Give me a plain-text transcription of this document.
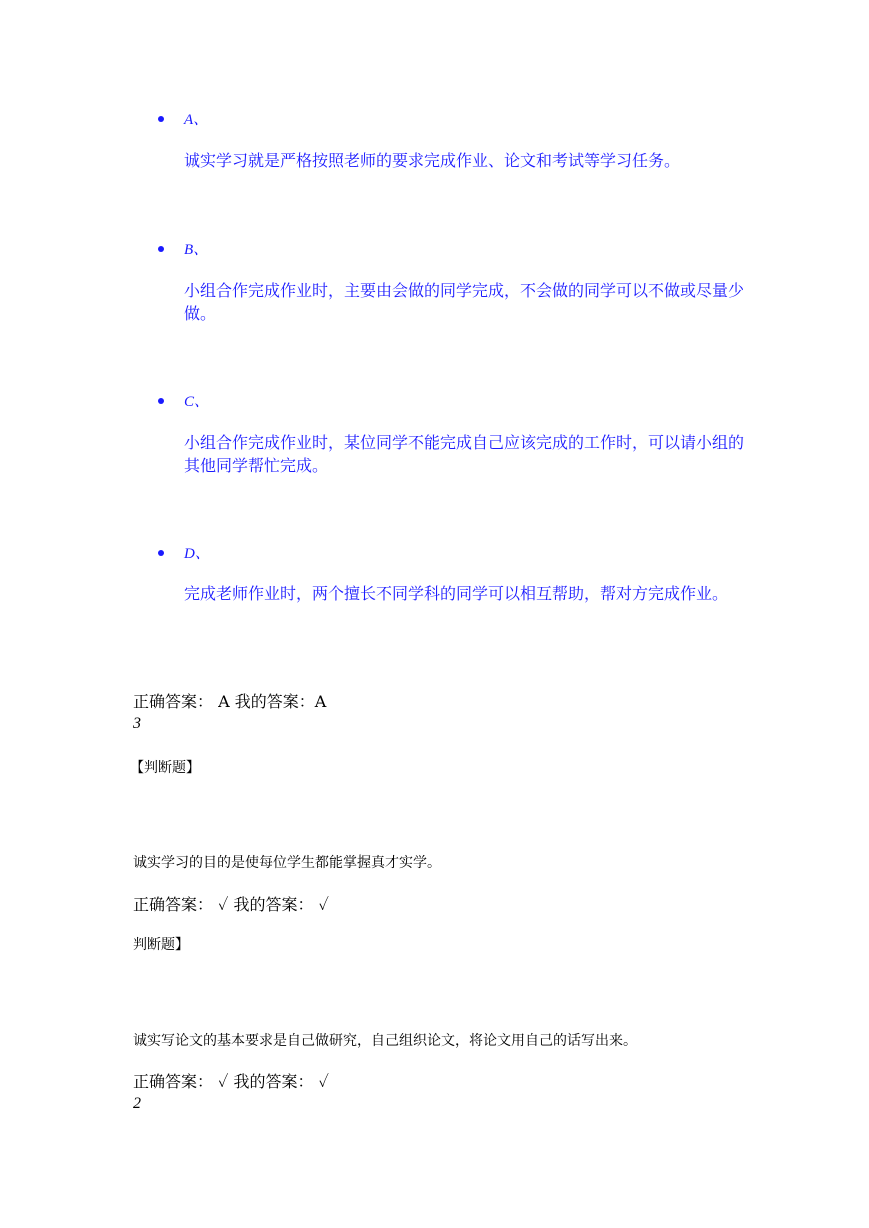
A、
诚实学习就是严格按照老师的要求完成作业、论文和考试等学习任务。
B、
小组合作完成作业时，主要由会做的同学完成，不会做的同学可以不做或尽量少做。
C、
小组合作完成作业时，某位同学不能完成自己应该完成的工作时，可以请小组的其他同学帮忙完成。
D、
完成老师作业时，两个擅长不同学科的同学可以相互帮助，帮对方完成作业。
正确答案： A 我的答案：A
3
【判断题】
诚实学习的目的是使每位学生都能掌握真才实学。
正确答案： ✓ 我的答案： ✓
判断题】
诚实写论文的基本要求是自己做研究，自己组织论文，将论文用自己的话写出来。
正确答案： ✓ 我的答案： ✓
2
